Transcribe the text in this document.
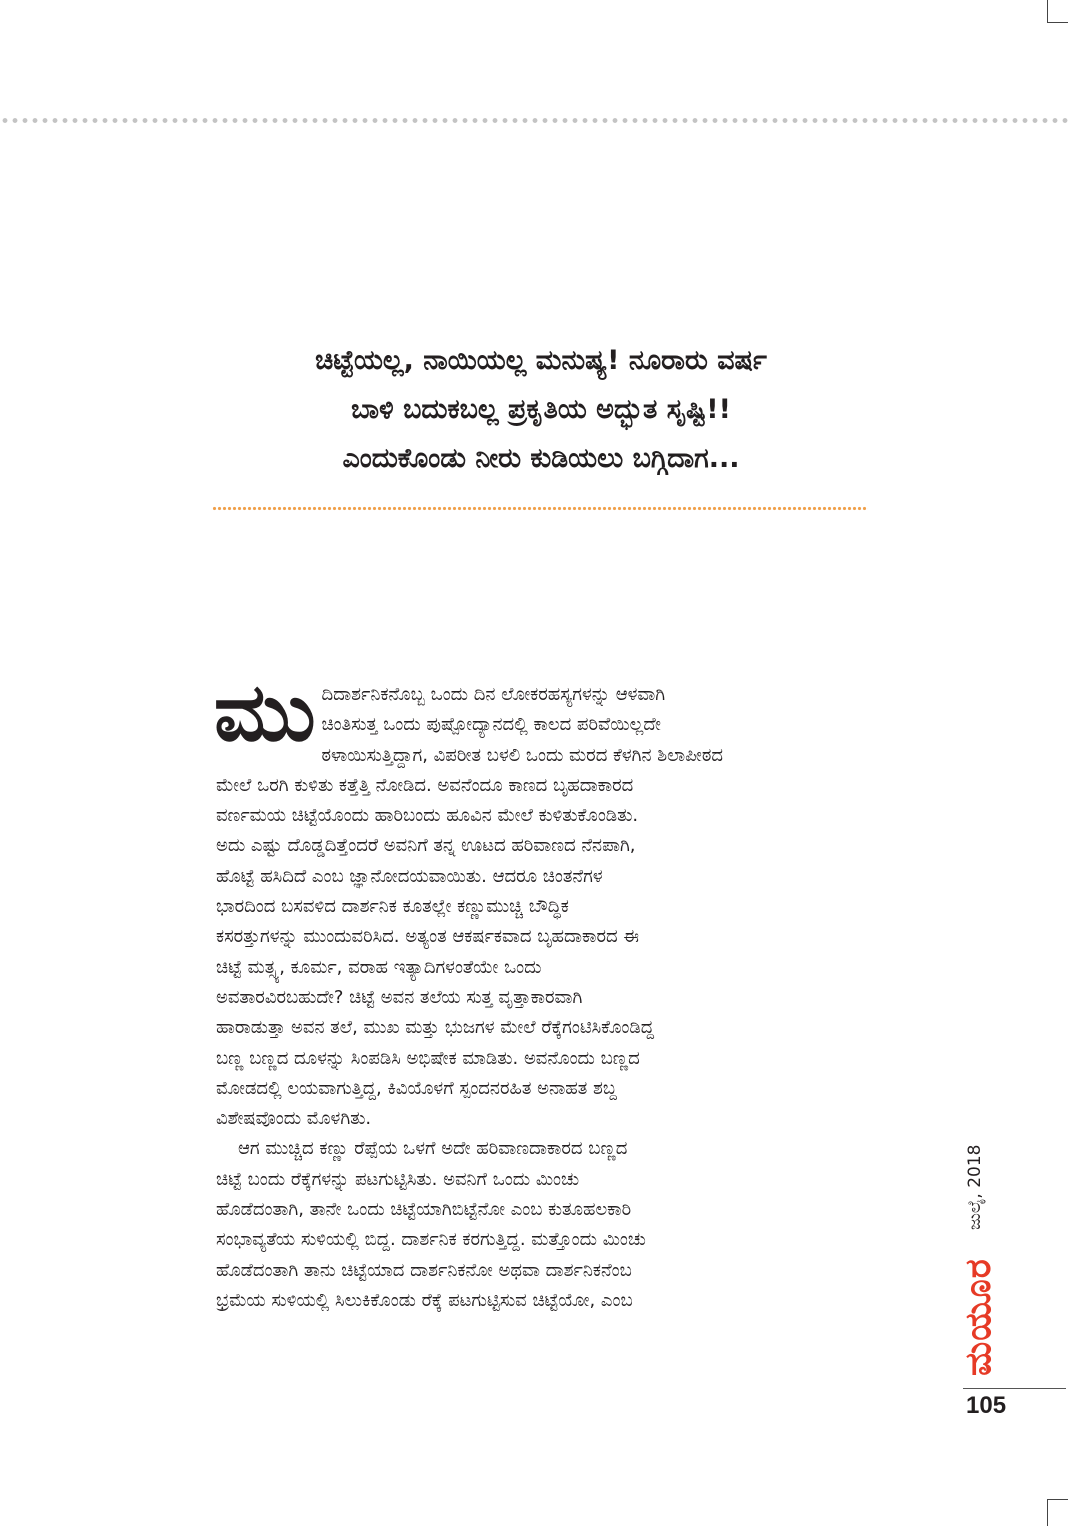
ಚಿಟ್ಟೆಯಲ್ಲ, ನಾಯಿಯಲ್ಲ ಮನುಷ್ಯ! ನೂರಾರು ವರ್ಷ
ಬಾಳಿ ಬದುಕಬಲ್ಲ ಪ್ರಕೃತಿಯ ಅದ್ಭುತ ಸೃಷ್ಟಿ!!
ಎಂದುಕೊಂಡು ನೀರು ಕುಡಿಯಲು ಬಗ್ಗಿದಾಗ...
ಮು ದಿದಾರ್ಶನಿಕನೊಬ್ಬ ಒಂದು ದಿನ ಲೋಕರಹಸ್ಯಗಳನ್ನು ಆಳವಾಗಿ
ಚಿಂತಿಸುತ್ತ ಒಂದು ಪುಷ್ಪೋದ್ಯಾನದಲ್ಲಿ ಕಾಲದ ಪರಿವೆಯಿಲ್ಲದೇ
ಠಳಾಯಿಸುತ್ತಿದ್ದಾಗ, ವಿಪರೀತ ಬಳಲಿ ಒಂದು ಮರದ ಕೆಳಗಿನ ಶಿಲಾಪೀಠದ
ಮೇಲೆ ಒರಗಿ ಕುಳಿತು ಕತ್ತೆತ್ತಿ ನೋಡಿದ. ಅವನೆಂದೂ ಕಾಣದ ಬೃಹದಾಕಾರದ
ವರ್ಣಮಯ ಚಿಟ್ಟೆಯೊಂದು ಹಾರಿಬಂದು ಹೂವಿನ ಮೇಲೆ ಕುಳಿತುಕೊಂಡಿತು.
ಅದು ಎಷ್ಟು ದೊಡ್ಡದಿತ್ತೆಂದರೆ ಅವನಿಗೆ ತನ್ನ ಊಟದ ಹರಿವಾಣದ ನೆನಪಾಗಿ,
ಹೊಟ್ಟೆ ಹಸಿದಿದೆ ಎಂಬ ಜ್ಞಾನೋದಯವಾಯಿತು. ಆದರೂ ಚಿಂತನೆಗಳ
ಭಾರದಿಂದ ಬಸವಳಿದ ದಾರ್ಶನಿಕ ಕೂತಲ್ಲೇ ಕಣ್ಣುಮುಚ್ಚಿ ಬೌದ್ಧಿಕ
ಕಸರತ್ತುಗಳನ್ನು ಮುಂದುವರಿಸಿದ. ಅತ್ಯಂತ ಆಕರ್ಷಕವಾದ ಬೃಹದಾಕಾರದ ಈ
ಚಿಟ್ಟೆ ಮತ್ಸ್ಯ, ಕೂರ್ಮ, ವರಾಹ ಇತ್ಯಾದಿಗಳಂತೆಯೇ ಒಂದು
ಅವತಾರವಿರಬಹುದೇ? ಚಿಟ್ಟೆ ಅವನ ತಲೆಯ ಸುತ್ತ ವೃತ್ತಾಕಾರವಾಗಿ
ಹಾರಾಡುತ್ತಾ ಅವನ ತಲೆ, ಮುಖ ಮತ್ತು ಭುಜಗಳ ಮೇಲೆ ರೆಕ್ಕೆಗಂಟಿಸಿಕೊಂಡಿದ್ದ
ಬಣ್ಣ ಬಣ್ಣದ ದೂಳನ್ನು ಸಿಂಪಡಿಸಿ ಅಭಿಷೇಕ ಮಾಡಿತು. ಅವನೊಂದು ಬಣ್ಣದ
ಮೋಡದಲ್ಲಿ ಲಯವಾಗುತ್ತಿದ್ದ, ಕಿವಿಯೊಳಗೆ ಸ್ಪಂದನರಹಿತ ಅನಾಹತ ಶಬ್ದ
ವಿಶೇಷವೊಂದು ಮೊಳಗಿತು.
ಆಗ ಮುಚ್ಚಿದ ಕಣ್ಣು ರೆಪ್ಪೆಯ ಒಳಗೆ ಅದೇ ಹರಿವಾಣದಾಕಾರದ ಬಣ್ಣದ
ಚಿಟ್ಟೆ ಬಂದು ರೆಕ್ಕೆಗಳನ್ನು ಪಟಗುಟ್ಟಿಸಿತು. ಅವನಿಗೆ ಒಂದು ಮಿಂಚು
ಹೊಡೆದಂತಾಗಿ, ತಾನೇ ಒಂದು ಚಿಟ್ಟೆಯಾಗಿಬಿಟ್ಟೆನೋ ಎಂಬ ಕುತೂಹಲಕಾರಿ
ಸಂಭಾವ್ಯತೆಯ ಸುಳಿಯಲ್ಲಿ ಬಿದ್ದ. ದಾರ್ಶನಿಕ ಕರಗುತ್ತಿದ್ದ. ಮತ್ತೊಂದು ಮಿಂಚು
ಹೊಡೆದಂತಾಗಿ ತಾನು ಚಿಟ್ಟೆಯಾದ ದಾರ್ಶನಿಕನೋ ಅಥವಾ ದಾರ್ಶನಿಕನೆಂಬ
ಭ್ರಮೆಯ ಸುಳಿಯಲ್ಲಿ ಸಿಲುಕಿಕೊಂಡು ರೆಕ್ಕೆ ಪಟಗುಟ್ಟಿಸುವ ಚಿಟ್ಟೆಯೋ, ಎಂಬ
ಜುಲೈ, 2018
ಮಯೂರ
105
